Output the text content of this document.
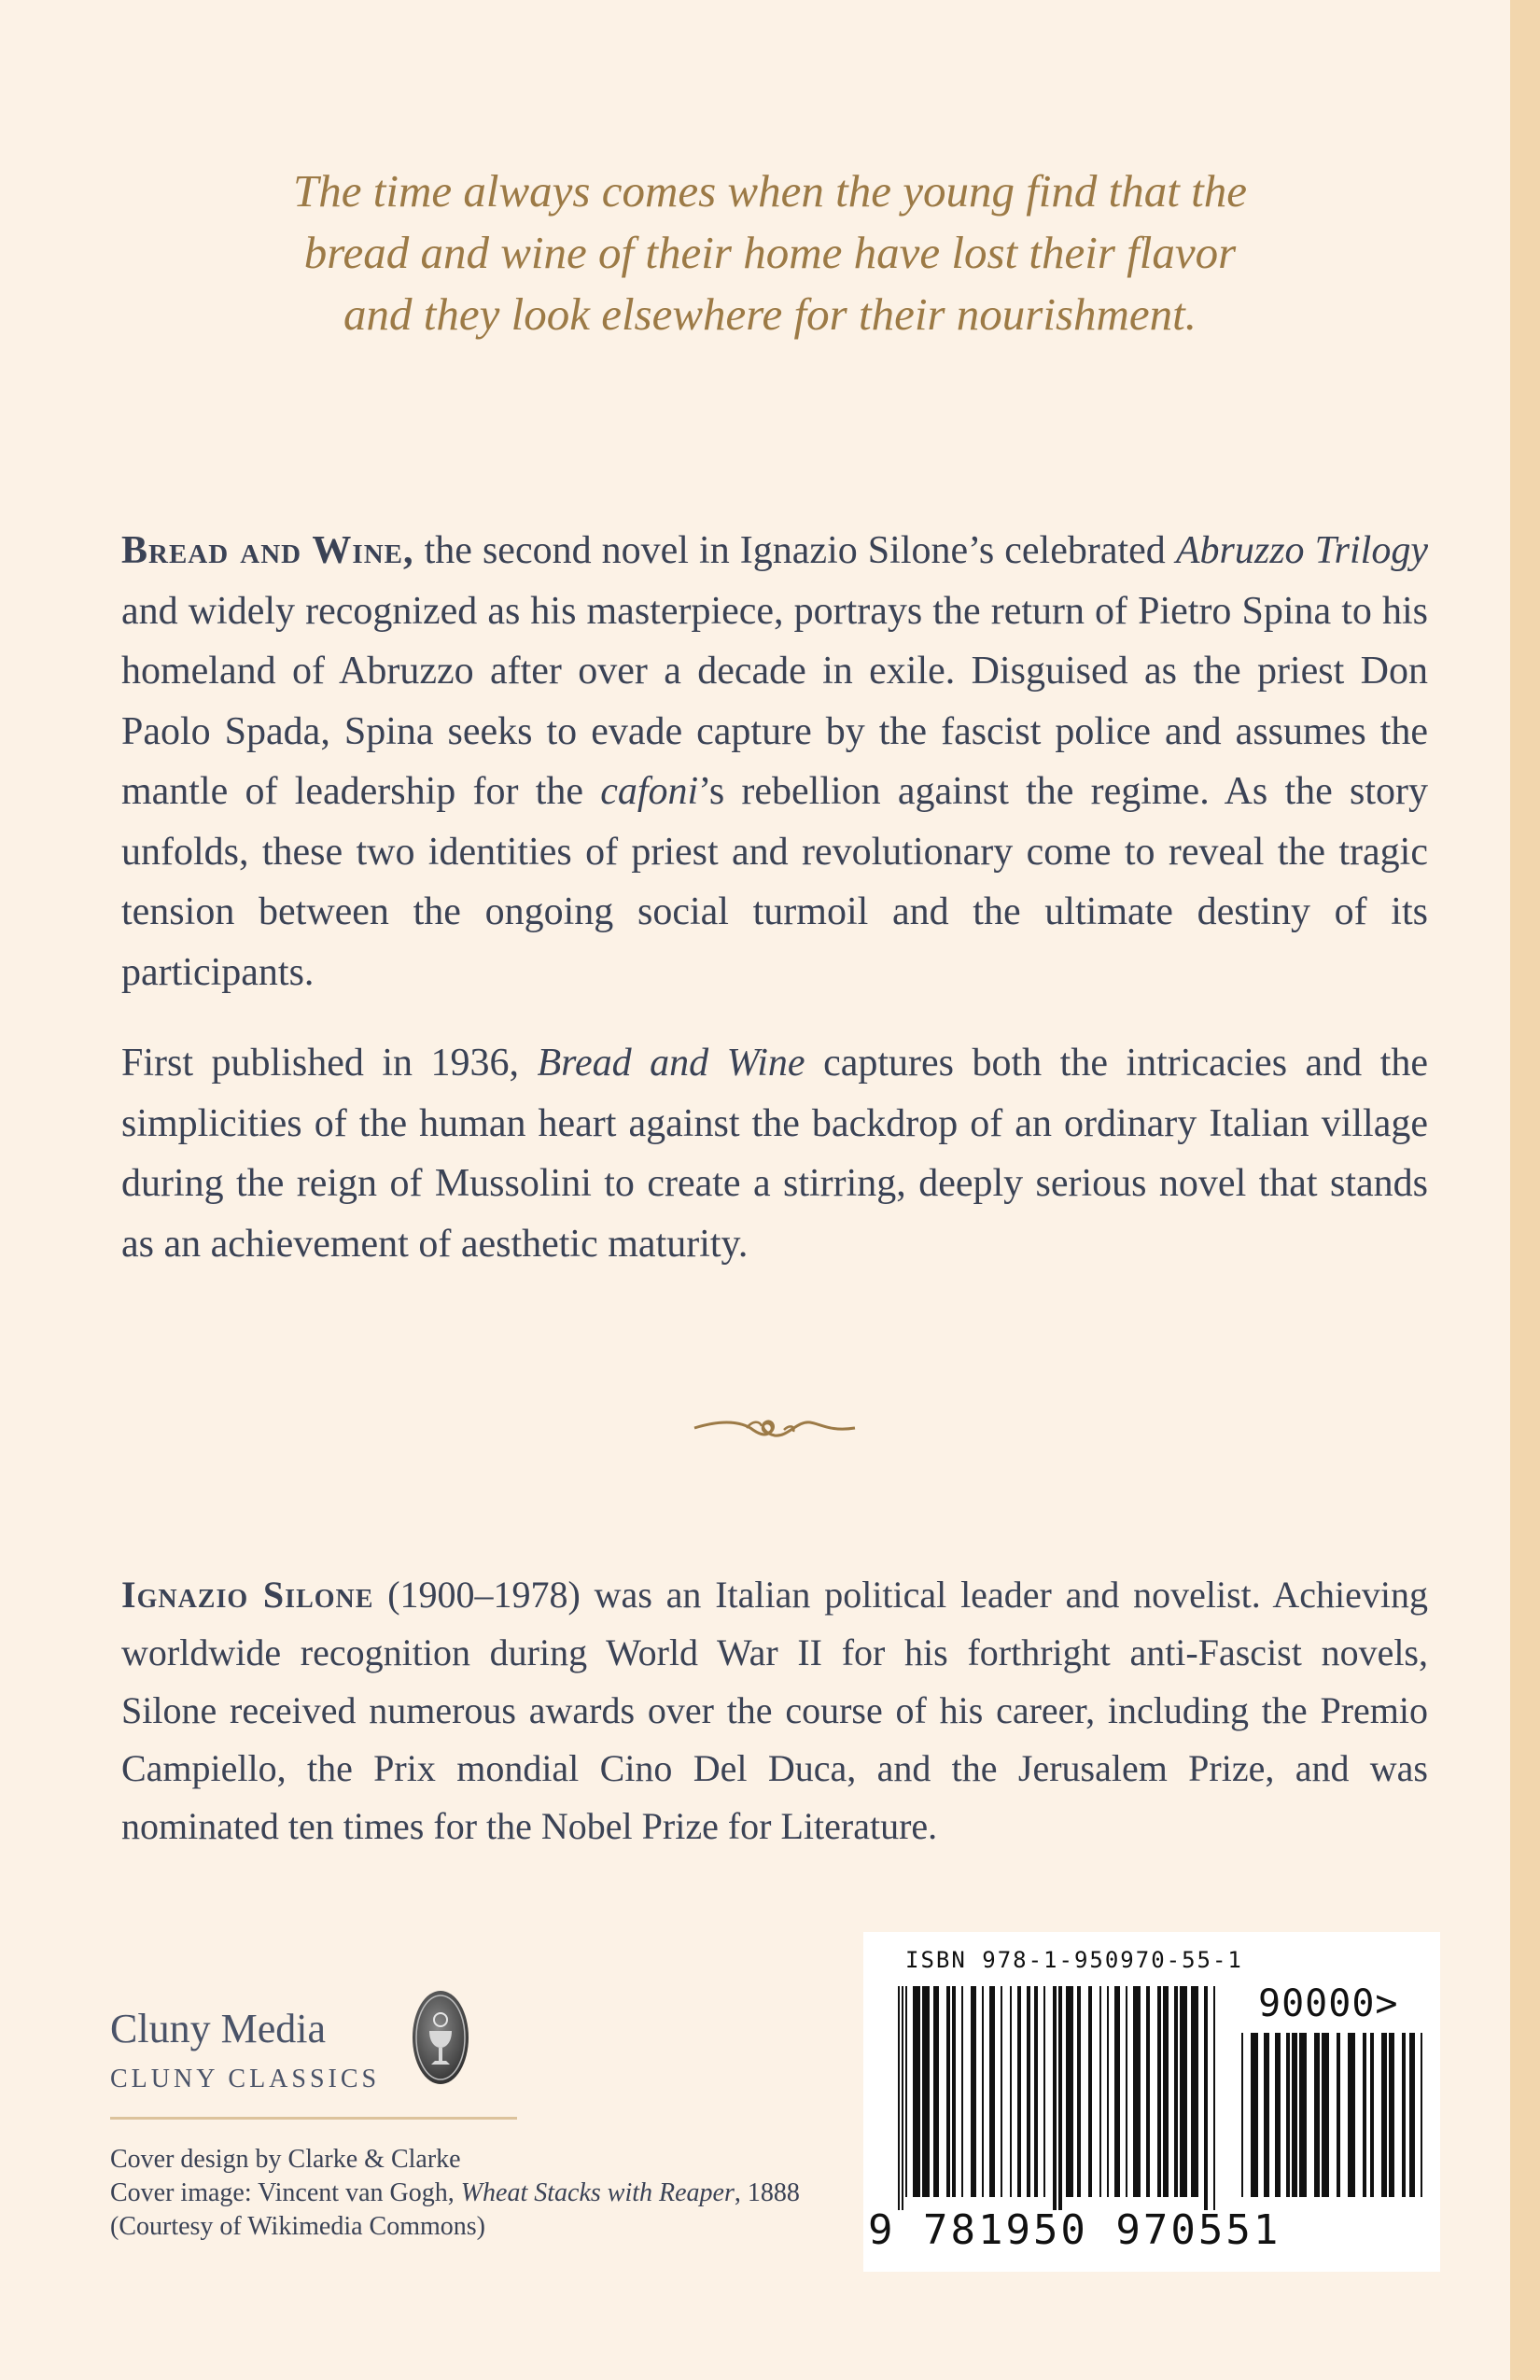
The time always comes when the young find that the

bread and wine of their home have lost their flavor

and they look elsewhere for their nourishment.

Bread and Wine, the second novel in Ignazio Silone’s celebrated Abruzzo Trilogy and widely recognized as his masterpiece, portrays the return of Pietro Spina to his homeland of Abruzzo after over a decade in exile. Disguised as the priest Don Paolo Spada, Spina seeks to evade capture by the fascist police and assumes the mantle of leadership for the cafoni’s rebellion against the regime. As the story unfolds, these two identities of priest and revolutionary come to reveal the tragic tension between the ongoing social turmoil and the ultimate destiny of its participants.

First published in 1936, Bread and Wine captures both the intricacies and the simplicities of the human heart against the backdrop of an ordinary Italian village during the reign of Mussolini to create a stirring, deeply serious novel that stands as an achievement of aesthetic maturity.

Ignazio Silone (1900–1978) was an Italian political leader and novelist. Achieving worldwide recognition during World War II for his forthright anti-Fascist novels, Silone received numerous awards over the course of his career, including the Premio Campiello, the Prix mondial Cino Del Duca, and the Jerusalem Prize, and was nominated ten times for the Nobel Prize for Literature.

Cluny Media
CLUNY CLASSICS
Cover design by Clarke & Clarke
Cover image: Vincent van Gogh, Wheat Stacks with Reaper, 1888
(Courtesy of Wikimedia Commons)
ISBN 978-1-950970-55-1
90000>
9 781950 970551
